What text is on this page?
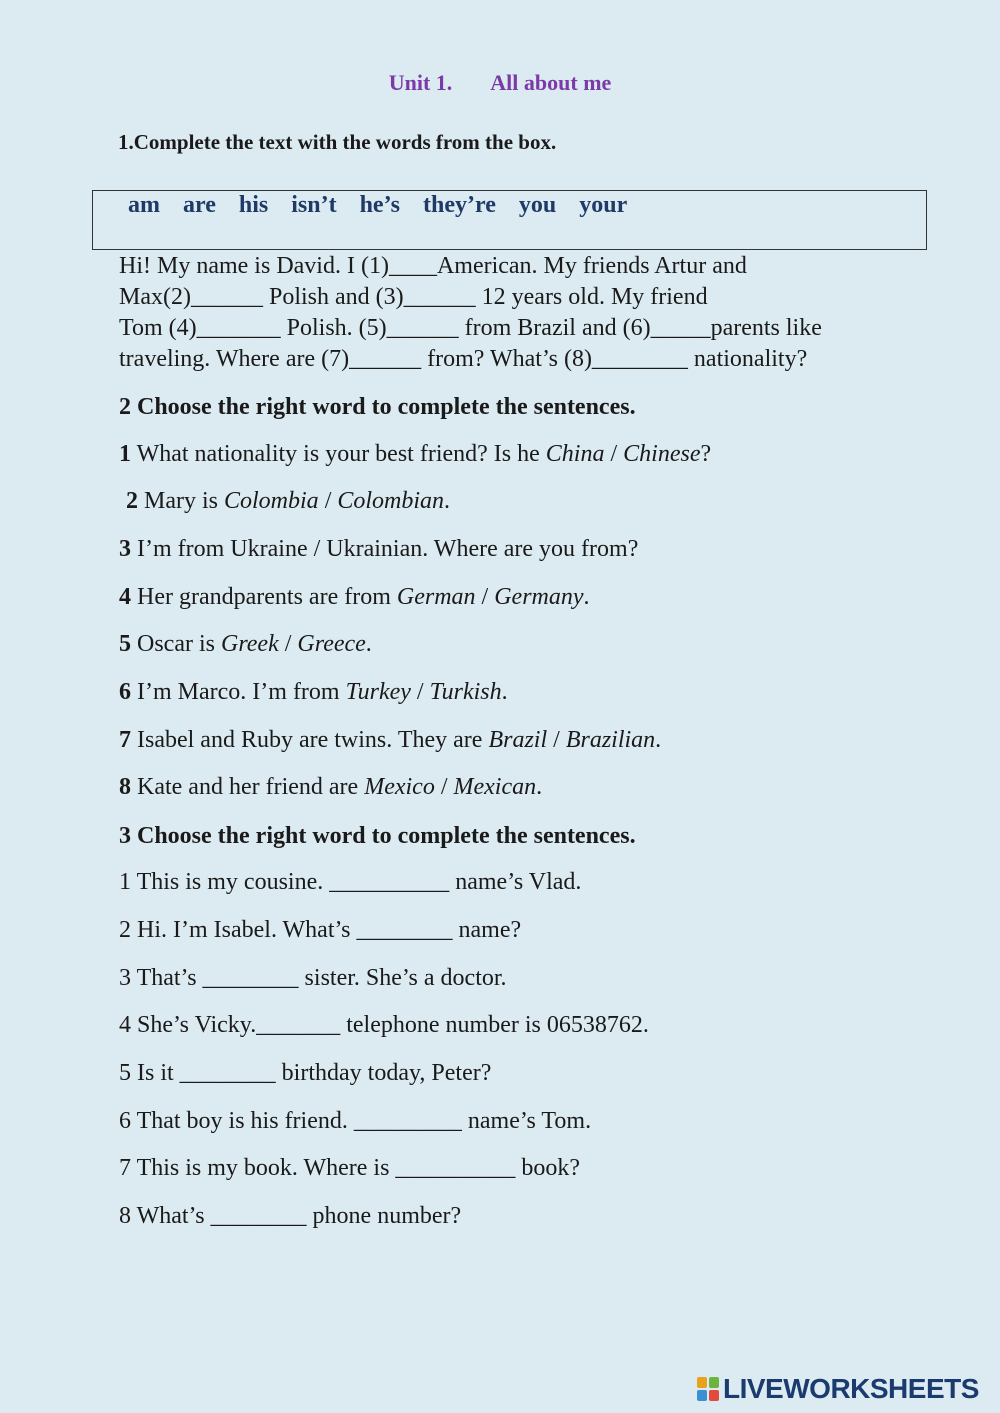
Unit 1. All about me
1.Complete the text with the words from the box.
am are his isn’t he’s they’re you your
Hi! My name is David. I (1)____American. My friends Artur and
Max(2)______ Polish and (3)______ 12 years old. My friend
Tom (4)_______ Polish. (5)______ from Brazil and (6)_____parents like
traveling. Where are (7)______ from? What’s (8)________ nationality?
2 Choose the right word to complete the sentences.
1 What nationality is your best friend? Is he China / Chinese?
2 Mary is Colombia / Colombian.
3 I’m from Ukraine / Ukrainian. Where are you from?
4 Her grandparents are from German / Germany.
5 Oscar is Greek / Greece.
6 I’m Marco. I’m from Turkey / Turkish.
7 Isabel and Ruby are twins. They are Brazil / Brazilian.
8 Kate and her friend are Mexico / Mexican.
3 Choose the right word to complete the sentences.
1 This is my cousine. __________ name’s Vlad.
2 Hi. I’m Isabel. What’s ________ name?
3 That’s ________ sister. She’s a doctor.
4 She’s Vicky._______ telephone number is 06538762.
5 Is it ________ birthday today, Peter?
6 That boy is his friend. _________ name’s Tom.
7 This is my book. Where is __________ book?
8 What’s ________ phone number?
LIVEWORKSHEETS
